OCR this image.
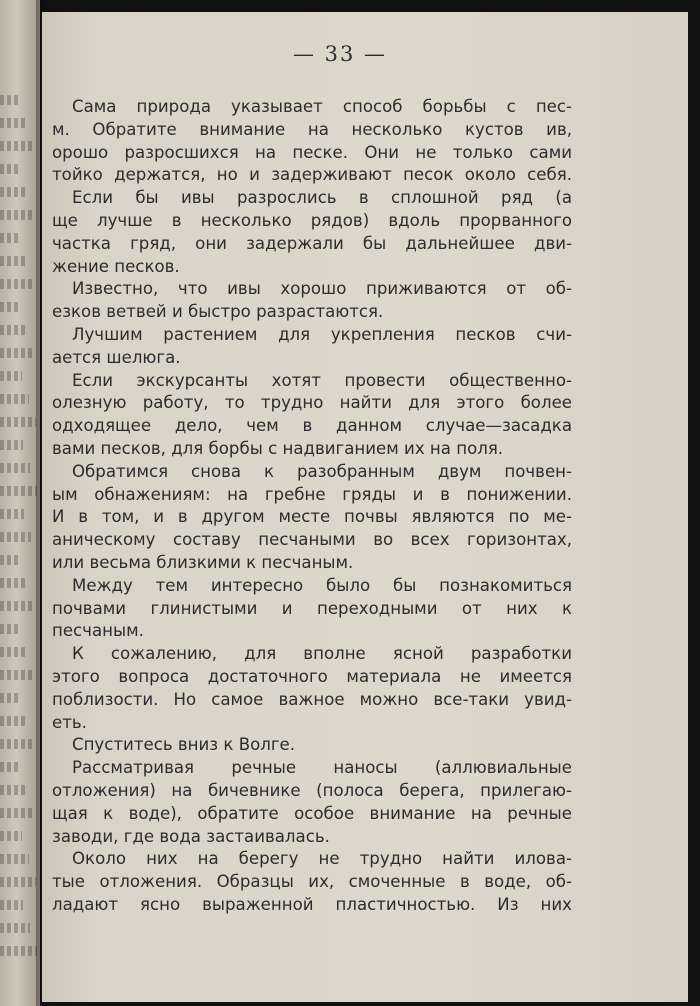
— 33 —
Сама природа указывает способ борьбы с пес-
м. Обратите внимание на несколько кустов ив,
орошо разросшихся на песке. Они не только сами
тойко держатся, но и задерживают песок около себя.
Если бы ивы разрослись в сплошной ряд (а
ще лучше в несколько рядов) вдоль прорванного
частка гряд, они задержали бы дальнейшее дви-
жение песков.
Известно, что ивы хорошо приживаются от об-
езков ветвей и быстро разрастаются.
Лучшим растением для укрепления песков счи-
ается шелюга.
Если экскурсанты хотят провести общественно-
олезную работу, то трудно найти для этого более
одходящее дело, чем в данном случае—засадка
вами песков, для борбы с надвиганием их на поля.
Обратимся снова к разобранным двум почвен-
ым обнажениям: на гребне гряды и в понижении.
И в том, и в другом месте почвы являются по ме-
аническому составу песчаными во всех горизонтах,
или весьма близкими к песчаным.
Между тем интересно было бы познакомиться
почвами глинистыми и переходными от них к
песчаным.
К сожалению, для вполне ясной разработки
этого вопроса достаточного материала не имеется
поблизости. Но самое важное можно все-таки увид-
еть.
Спуститесь вниз к Волге.
Рассматривая речные наносы (аллювиальные
отложения) на бичевнике (полоса берега, прилегаю-
щая к воде), обратите особое внимание на речные
заводи, где вода застаивалась.
Около них на берегу не трудно найти илова-
тые отложения. Образцы их, смоченные в воде, об-
ладают ясно выраженной пластичностью. Из них
